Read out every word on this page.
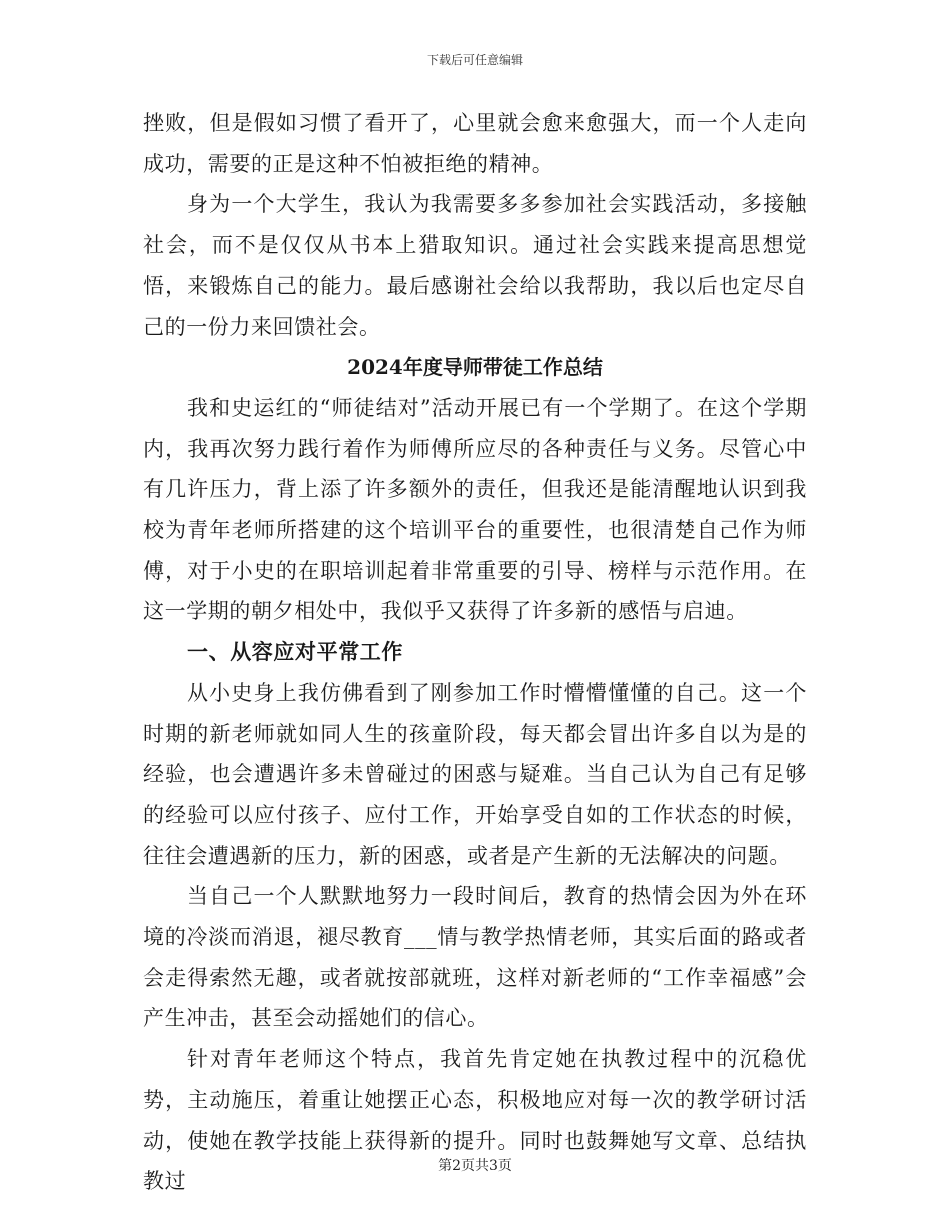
下载后可任意编辑

挫败，但是假如习惯了看开了，心里就会愈来愈强大，而一个人走向成功，需要的正是这种不怕被拒绝的精神。

身为一个大学生，我认为我需要多多参加社会实践活动，多接触社会，而不是仅仅从书本上猎取知识。通过社会实践来提高思想觉悟，来锻炼自己的能力。最后感谢社会给以我帮助，我以后也定尽自己的一份力来回馈社会。

2024年度导师带徒工作总结

我和史运红的“师徒结对”活动开展已有一个学期了。在这个学期内，我再次努力践行着作为师傅所应尽的各种责任与义务。尽管心中有几许压力，背上添了许多额外的责任，但我还是能清醒地认识到我校为青年老师所搭建的这个培训平台的重要性，也很清楚自己作为师傅，对于小史的在职培训起着非常重要的引导、榜样与示范作用。在这一学期的朝夕相处中，我似乎又获得了许多新的感悟与启迪。

一、从容应对平常工作

从小史身上我仿佛看到了刚参加工作时懵懵懂懂的自己。这一个时期的新老师就如同人生的孩童阶段，每天都会冒出许多自以为是的经验，也会遭遇许多未曾碰过的困惑与疑难。当自己认为自己有足够的经验可以应付孩子、应付工作，开始享受自如的工作状态的时候，往往会遭遇新的压力，新的困惑，或者是产生新的无法解决的问题。

当自己一个人默默地努力一段时间后，教育的热情会因为外在环境的冷淡而消退，褪尽教育___情与教学热情老师，其实后面的路或者会走得索然无趣，或者就按部就班，这样对新老师的“工作幸福感”会产生冲击，甚至会动摇她们的信心。

针对青年老师这个特点，我首先肯定她在执教过程中的沉稳优势，主动施压，着重让她摆正心态，积极地应对每一次的教学研讨活动，使她在教学技能上获得新的提升。同时也鼓舞她写文章、总结执教过

第2页共3页
